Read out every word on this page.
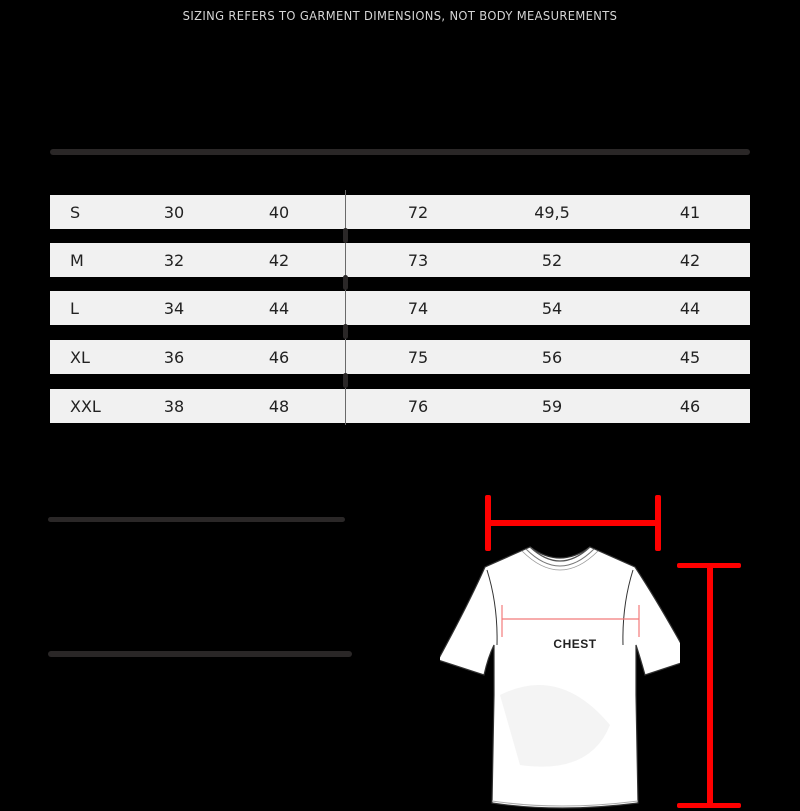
SIZING REFERS TO GARMENT DIMENSIONS, NOT BODY MEASUREMENTS
Size	EU	IT	Length	Chest	Shoulder
S	30	40	72	49,5	41
M	32	42	73	52	42
L	34	44	74	54	44
XL	36	46	75	56	45
XXL	38	48	76	59	46
CHEST
